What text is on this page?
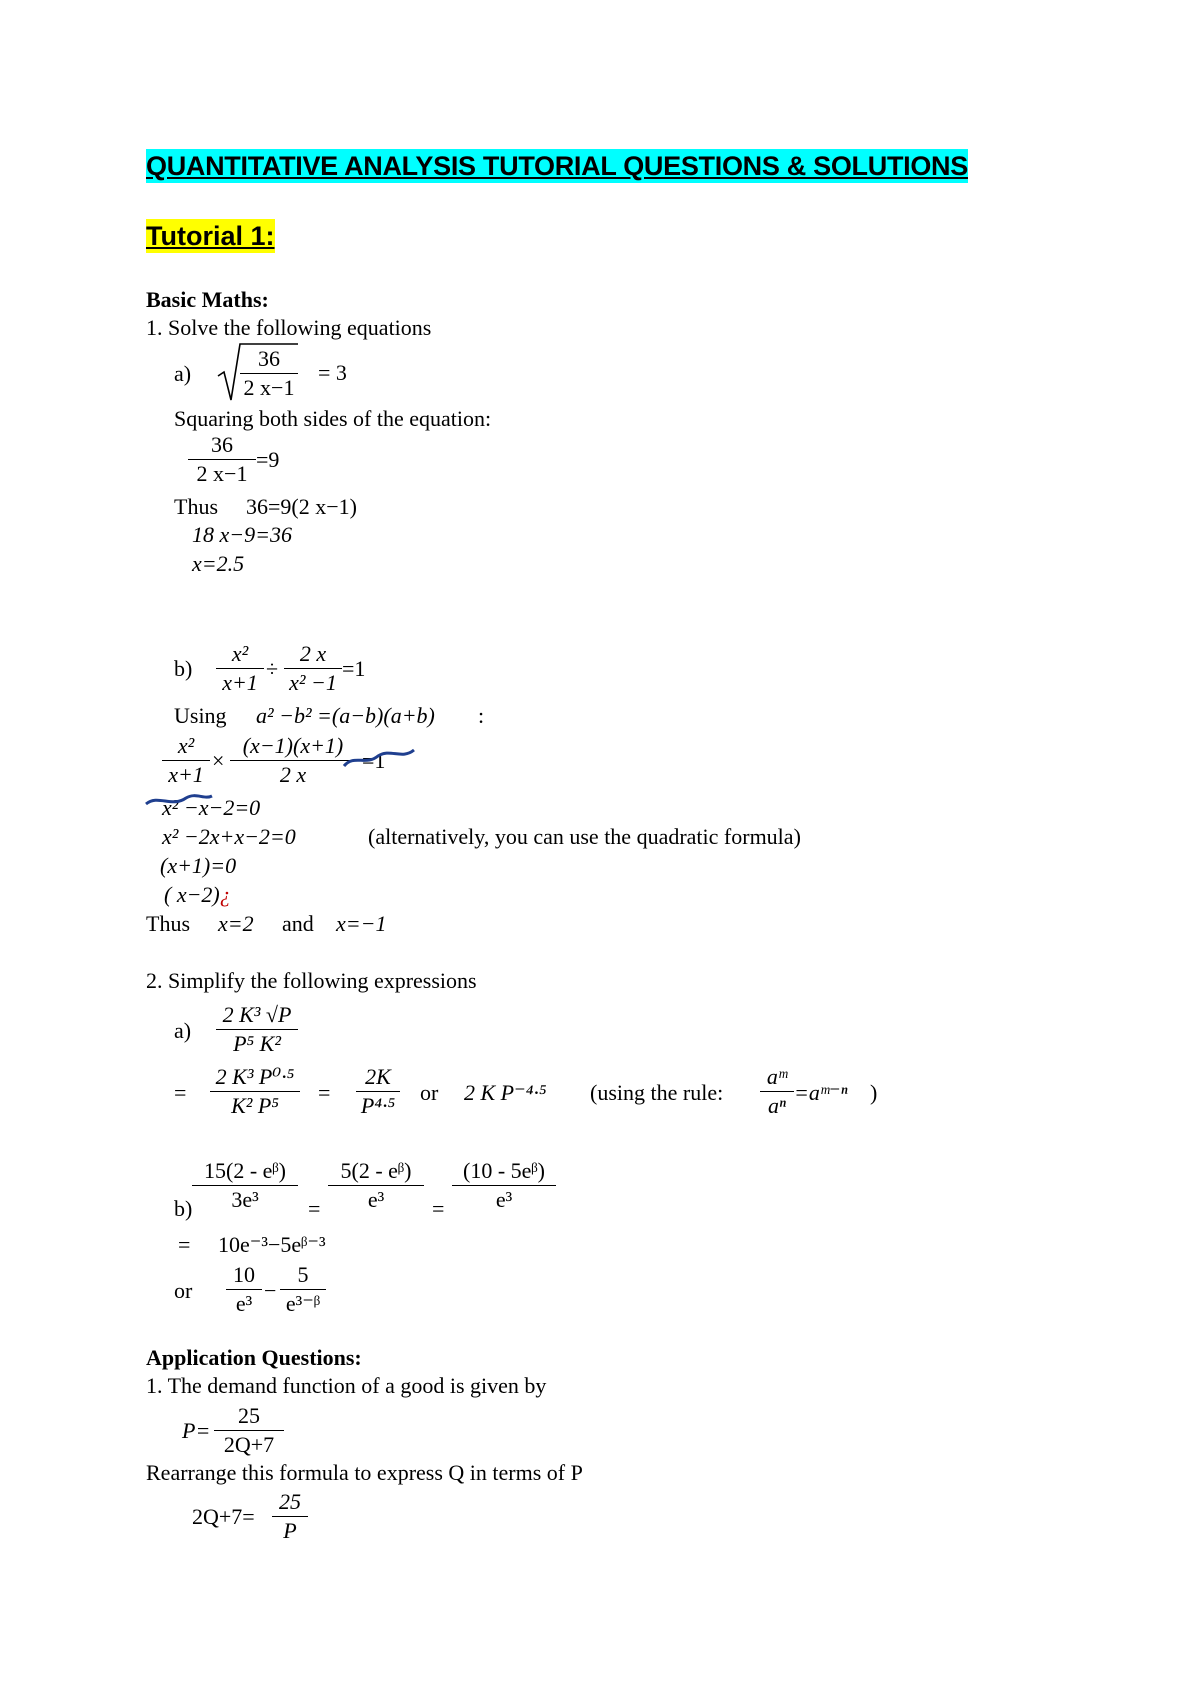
QUANTITATIVE ANALYSIS TUTORIAL QUESTIONS & SOLUTIONS
Tutorial 1:
Basic Maths:
1. Solve the following equations
$a) \frac{36}{2 x-1} = 3$
Squaring both sides of the equation:
$\frac{36}{2 x-1} =9$
Thus 36=9(2 x−1)
18 x−9=36
x=2.5
$b) \frac{\text{x²}}{x+1} \div \frac{2 x}{\text{x² −1}} =1$
Using a² −b² =(a−b)(a+b) :
$\frac{\text{x²}}{x+1} \times \frac{(x-1)(x+1)}{2 x} =1$
x² −x−2=0
x² −2x+x−2=0	(alternatively, you can use the quadratic formula)
(x+1)=0
( x−2)¿
Thus x=2 and x=−1
2. Simplify the following expressions
$a) \frac{\text{2 K³ √P}}{\text{P⁵ K²}}$
= $\frac{\text{2 K³ P⁰·⁵}}{\text{K² P⁵}} = \frac{2K}{\text{P⁴·⁵}}$ or 2 K P⁻⁴·⁵ (using the rule: $\frac{\text{aᵐ}}{\text{aⁿ}}$ =aᵐ⁻ⁿ )
$\frac{\text{15(2 - eᵝ)}}{\text{3e³}}$
b)	= $\frac{\text{5(2 - eᵝ)}}{\text{e³}} = \frac{\text{(10 - 5eᵝ)}}{\text{e³}}$
= 10e⁻³−5eᵝ⁻³
or $\frac{10}{\text{e³}} - \frac{5}{\text{e³⁻ᵝ}}$
Application Questions:
1. The demand function of a good is given by
$P= \frac{25}{2Q+7}$
Rearrange this formula to express Q in terms of P
$2Q+7= \frac{25}{P}$
